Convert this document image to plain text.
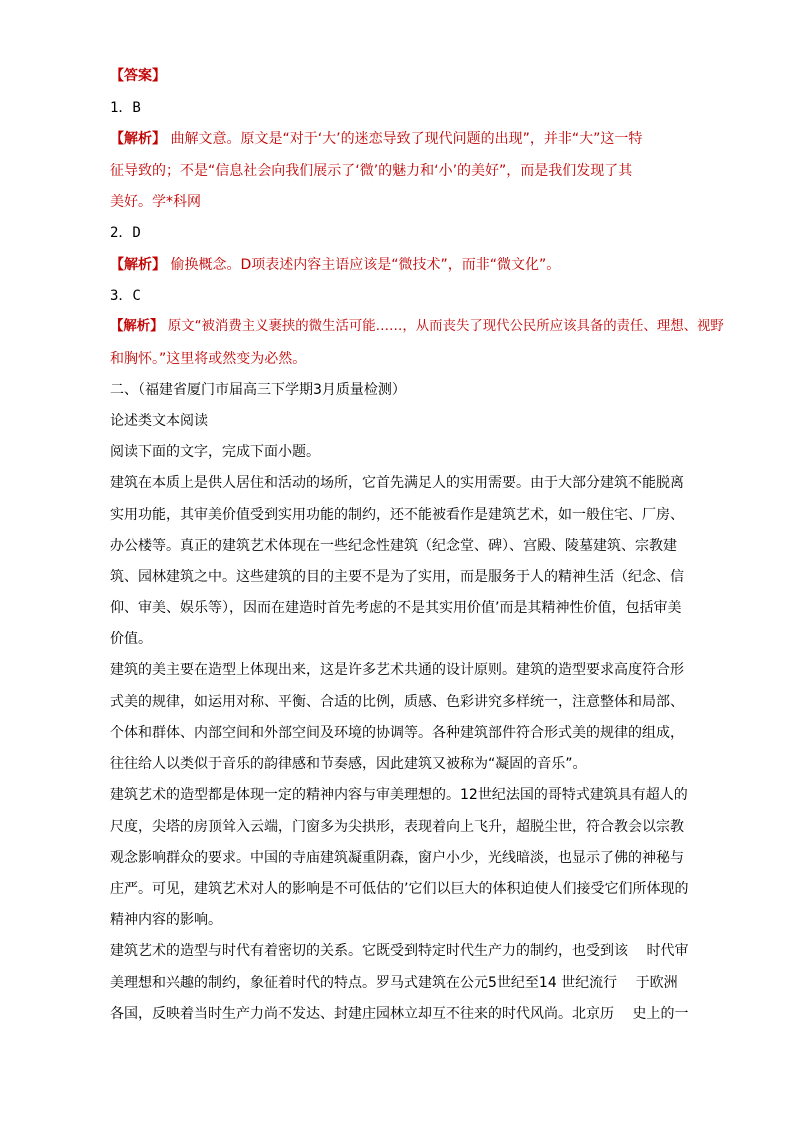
【答案】
1．B
【解析】 曲解文意。原文是“对于‘大’的迷恋导致了现代问题的出现”，并非“大”这一特
征导致的；不是“信息社会向我们展示了‘微’的魅力和‘小’的美好”，而是我们发现了其
美好。学*科网
2．D
【解析】 偷换概念。D项表述内容主语应该是“微技术”，而非“微文化”。
3．C
【解析】 原文“被消费主义裹挟的微生活可能……，从而丧失了现代公民所应该具备的责任、理想、视野
和胸怀。”这里将或然变为必然。
二、（福建省厦门市届高三下学期3月质量检测）
论述类文本阅读
阅读下面的文字，完成下面小题。
建筑在本质上是供人居住和活动的场所，它首先满足人的实用需要。由于大部分建筑不能脱离
实用功能，其审美价值受到实用功能的制约，还不能被看作是建筑艺术，如一般住宅、厂房、
办公楼等。真正的建筑艺术体现在一些纪念性建筑（纪念堂、碑）、宫殿、陵墓建筑、宗教建
筑、园林建筑之中。这些建筑的目的主要不是为了实用，而是服务于人的精神生活（纪念、信
仰、审美、娱乐等），因而在建造时首先考虑的不是其实用价值’而是其精神性价值，包括审美
价值。
建筑的美主要在造型上体现出来，这是许多艺术共通的设计原则。建筑的造型要求高度符合形
式美的规律，如运用对称、平衡、合适的比例，质感、色彩讲究多样统一，注意整体和局部、
个体和群体、内部空间和外部空间及环境的协调等。各种建筑部件符合形式美的规律的组成，
往往给人以类似于音乐的韵律感和节奏感，因此建筑又被称为“凝固的音乐”。
建筑艺术的造型都是体现一定的精神内容与审美理想的。12世纪法国的哥特式建筑具有超人的
尺度，尖塔的房顶耸入云端，门窗多为尖拱形，表现着向上飞升，超脱尘世，符合教会以宗教
观念影响群众的要求。中国的寺庙建筑凝重阴森，窗户小少，光线暗淡，也显示了佛的神秘与
庄严。可见，建筑艺术对人的影响是不可低估的’它们以巨大的体积迫使人们接受它们所体现的
精神内容的影响。
建筑艺术的造型与时代有着密切的关系。它既受到特定时代生产力的制约，也受到该　 时代审
美理想和兴趣的制约，象征着时代的特点。罗马式建筑在公元5世纪至14 世纪流行　 于欧洲
各国，反映着当时生产力尚不发达、封建庄园林立却互不往来的时代风尚。北京历　 史上的一
